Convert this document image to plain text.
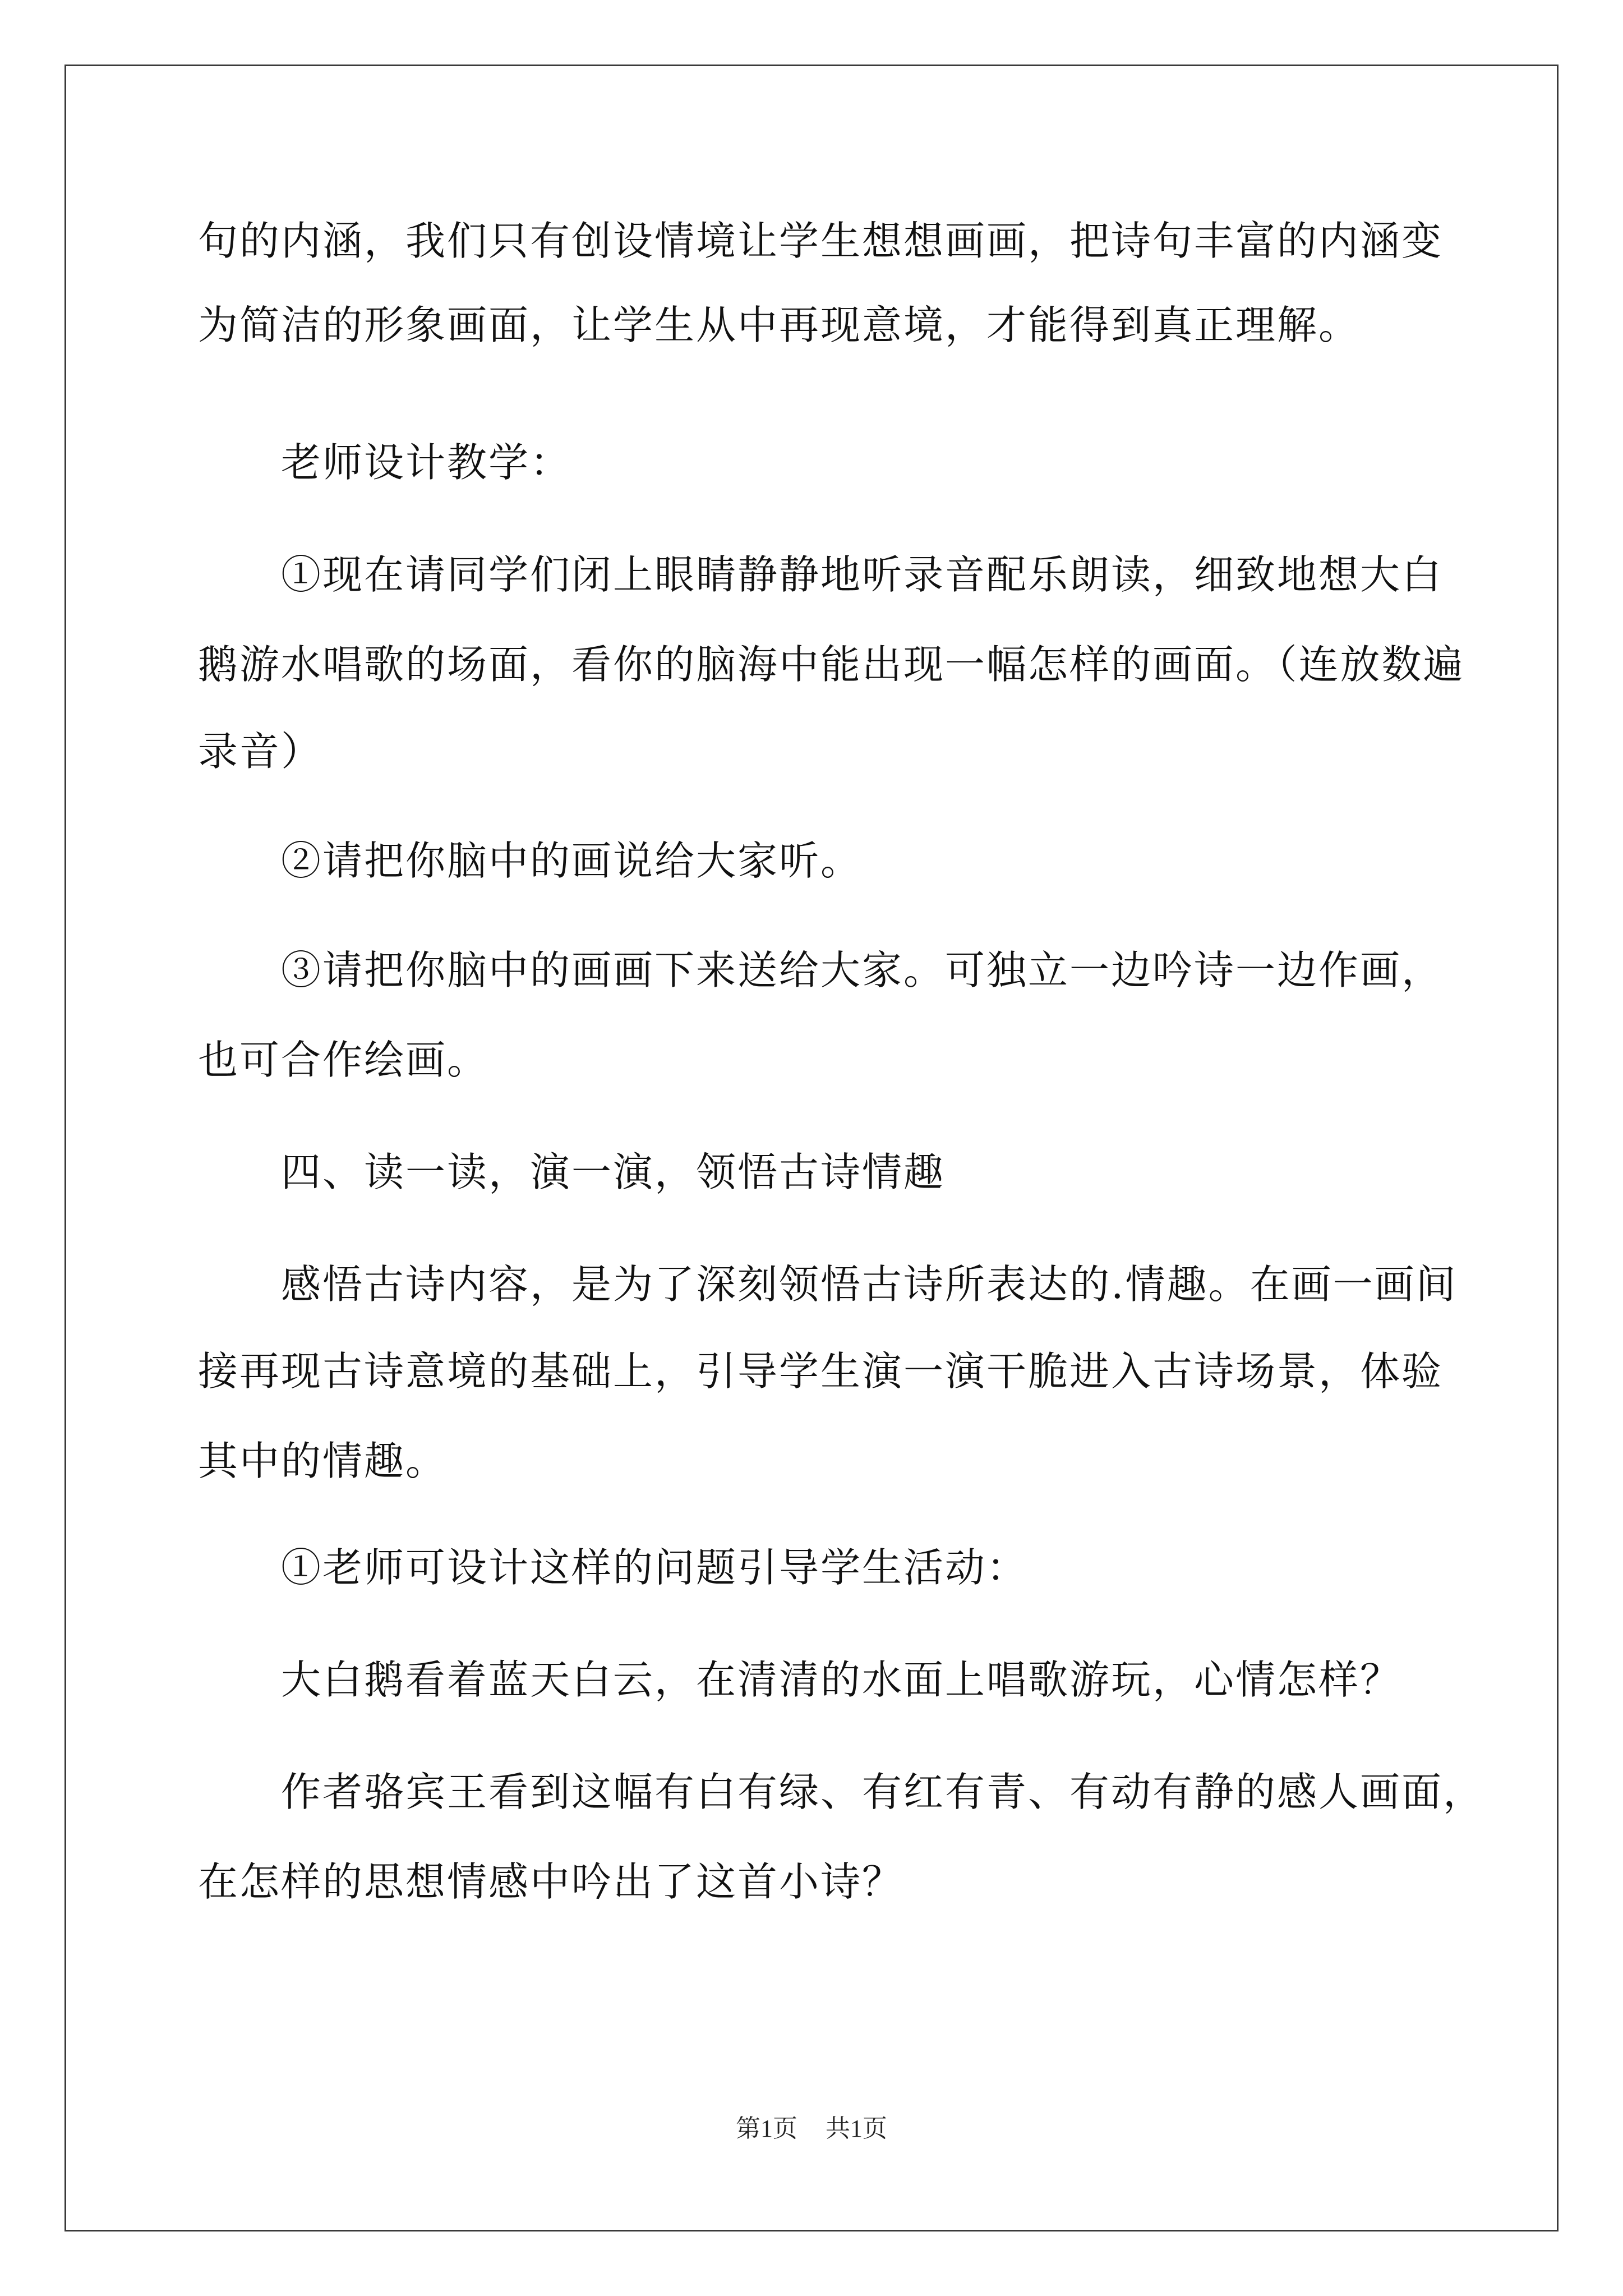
句的内涵，我们只有创设情境让学生想想画画，把诗句丰富的内涵变
为简洁的形象画面，让学生从中再现意境，才能得到真正理解。
老师设计教学：
①现在请同学们闭上眼睛静静地听录音配乐朗读，细致地想大白
鹅游水唱歌的场面，看你的脑海中能出现一幅怎样的画面。（连放数遍
录音）
②请把你脑中的画说给大家听。
③请把你脑中的画画下来送给大家。可独立一边吟诗一边作画，
也可合作绘画。
四、读一读，演一演，领悟古诗情趣
感悟古诗内容，是为了深刻领悟古诗所表达的.情趣。在画一画间
接再现古诗意境的基础上，引导学生演一演干脆进入古诗场景，体验
其中的情趣。
①老师可设计这样的问题引导学生活动：
大白鹅看着蓝天白云，在清清的水面上唱歌游玩，心情怎样？
作者骆宾王看到这幅有白有绿、有红有青、有动有静的感人画面，
在怎样的思想情感中吟出了这首小诗？
第1页 共1页
